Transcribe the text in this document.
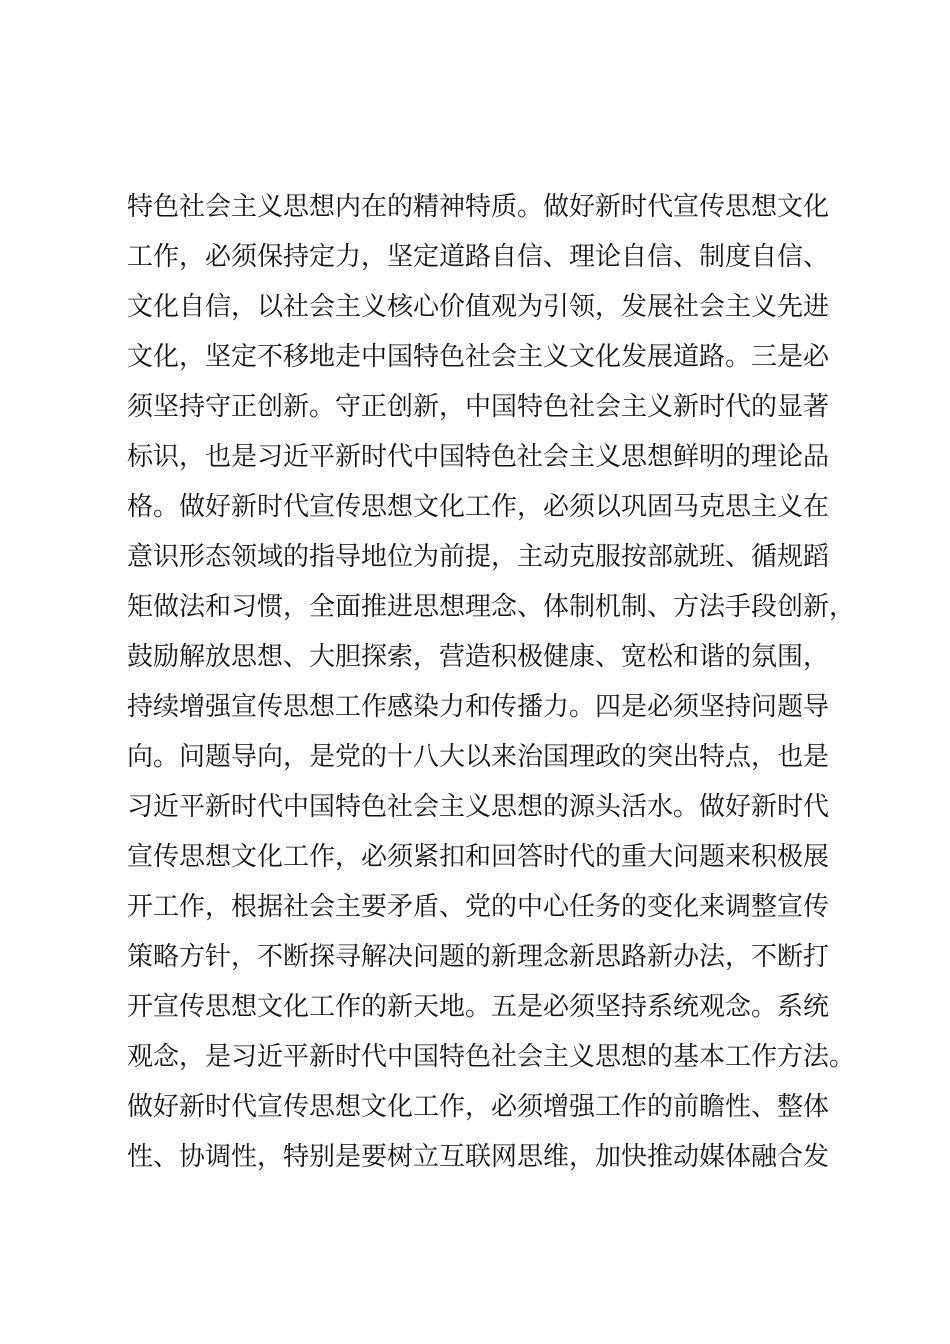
特色社会主义思想内在的精神特质。做好新时代宣传思想文化
工作，必须保持定力，坚定道路自信、理论自信、制度自信、
文化自信，以社会主义核心价值观为引领，发展社会主义先进
文化，坚定不移地走中国特色社会主义文化发展道路。三是必
须坚持守正创新。守正创新，中国特色社会主义新时代的显著
标识，也是习近平新时代中国特色社会主义思想鲜明的理论品
格。做好新时代宣传思想文化工作，必须以巩固马克思主义在
意识形态领域的指导地位为前提，主动克服按部就班、循规蹈
矩做法和习惯，全面推进思想理念、体制机制、方法手段创新，
鼓励解放思想、大胆探索，营造积极健康、宽松和谐的氛围，
持续增强宣传思想工作感染力和传播力。四是必须坚持问题导
向。问题导向，是党的十八大以来治国理政的突出特点，也是
习近平新时代中国特色社会主义思想的源头活水。做好新时代
宣传思想文化工作，必须紧扣和回答时代的重大问题来积极展
开工作，根据社会主要矛盾、党的中心任务的变化来调整宣传
策略方针，不断探寻解决问题的新理念新思路新办法，不断打
开宣传思想文化工作的新天地。五是必须坚持系统观念。系统
观念，是习近平新时代中国特色社会主义思想的基本工作方法。
做好新时代宣传思想文化工作，必须增强工作的前瞻性、整体
性、协调性，特别是要树立互联网思维，加快推动媒体融合发
